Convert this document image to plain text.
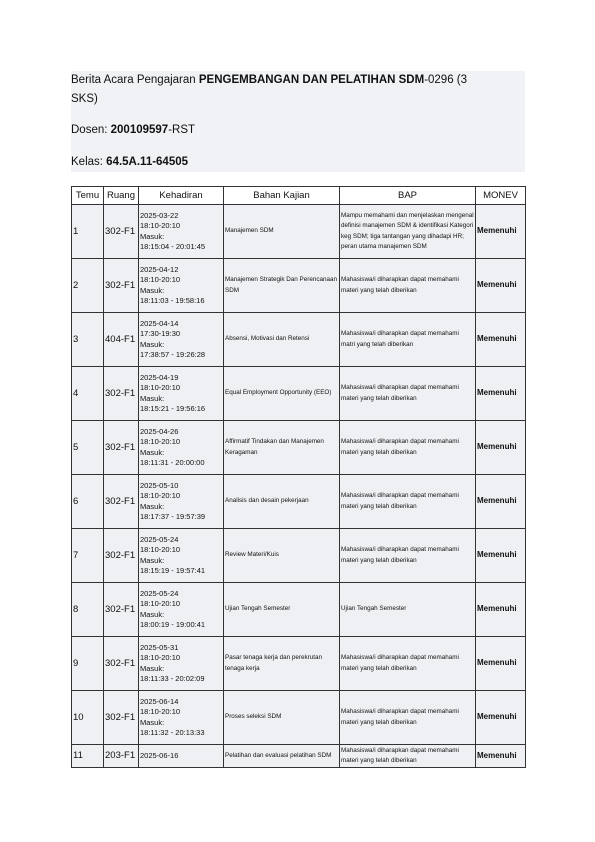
Berita Acara Pengajaran PENGEMBANGAN DAN PELATIHAN SDM-0296 (3
SKS)
Dosen: 200109597-RST
Kelas: 64.5A.11-64505
Temu	Ruang	Kehadiran	Bahan Kajian	BAP	MONEV
1	302-F1	2025-03-22
18:10-20:10
Masuk:
18:15:04 - 20:01:45	Manajemen SDM	Mampu memahami dan menjelaskan mengenal definisi manajemen SDM & identifikasi Kategori keg SDM; tiga tantangan yang dihadapi HR; peran utama manajemen SDM	Memenuhi
2	302-F1	2025-04-12
18:10-20:10
Masuk:
18:11:03 - 19:58:16	Manajemen Strategik Dan Perencanaan SDM	Mahasiswa/i diharapkan dapat memahami materi yang telah diberikan	Memenuhi
3	404-F1	2025-04-14
17:30-19:30
Masuk:
17:38:57 - 19:26:28	Absensi, Motivasi dan Retensi	Mahasiswa/i diharapkan dapat memahami matri yang telah diberikan	Memenuhi
4	302-F1	2025-04-19
18:10-20:10
Masuk:
18:15:21 - 19:56:16	Equal Employment Opportunity (EEO)	Mahasiswa/i diharapkan dapat memahami materi yang telah diberikan	Memenuhi
5	302-F1	2025-04-26
18:10-20:10
Masuk:
18:11:31 - 20:00:00	Affirmatif Tindakan dan Manajemen Keragaman	Mahasiswa/i diharapkan dapat memahami materi yang telah diberikan	Memenuhi
6	302-F1	2025-05-10
18:10-20:10
Masuk:
18:17:37 - 19:57:39	Analisis dan desain pekerjaan	Mahasiswa/i diharapkan dapat memahami materi yang telah diberikan	Memenuhi
7	302-F1	2025-05-24
18:10-20:10
Masuk:
18:15:19 - 19:57:41	Review Materi/Kuis	Mahasiswa/i diharapkan dapat memahami materi yang telah diberikan	Memenuhi
8	302-F1	2025-05-24
18:10-20:10
Masuk:
18:00:19 - 19:00:41	Ujian Tengah Semester	Ujian Tengah Semester	Memenuhi
9	302-F1	2025-05-31
18:10-20:10
Masuk:
18:11:33 - 20:02:09	Pasar tenaga kerja dan perekrutan tenaga kerja	Mahasiswa/i diharapkan dapat memahami materi yang telah diberikan	Memenuhi
10	302-F1	2025-06-14
18:10-20:10
Masuk:
18:11:32 - 20:13:33	Proses seleksi SDM	Mahasiswa/i diharapkan dapat memahami materi yang telah diberikan	Memenuhi
11	203-F1	2025-06-16	Pelatihan dan evaluasi pelatihan SDM	Mahasiswa/i diharapkan dapat memahami materi yang telah diberikan	Memenuhi
